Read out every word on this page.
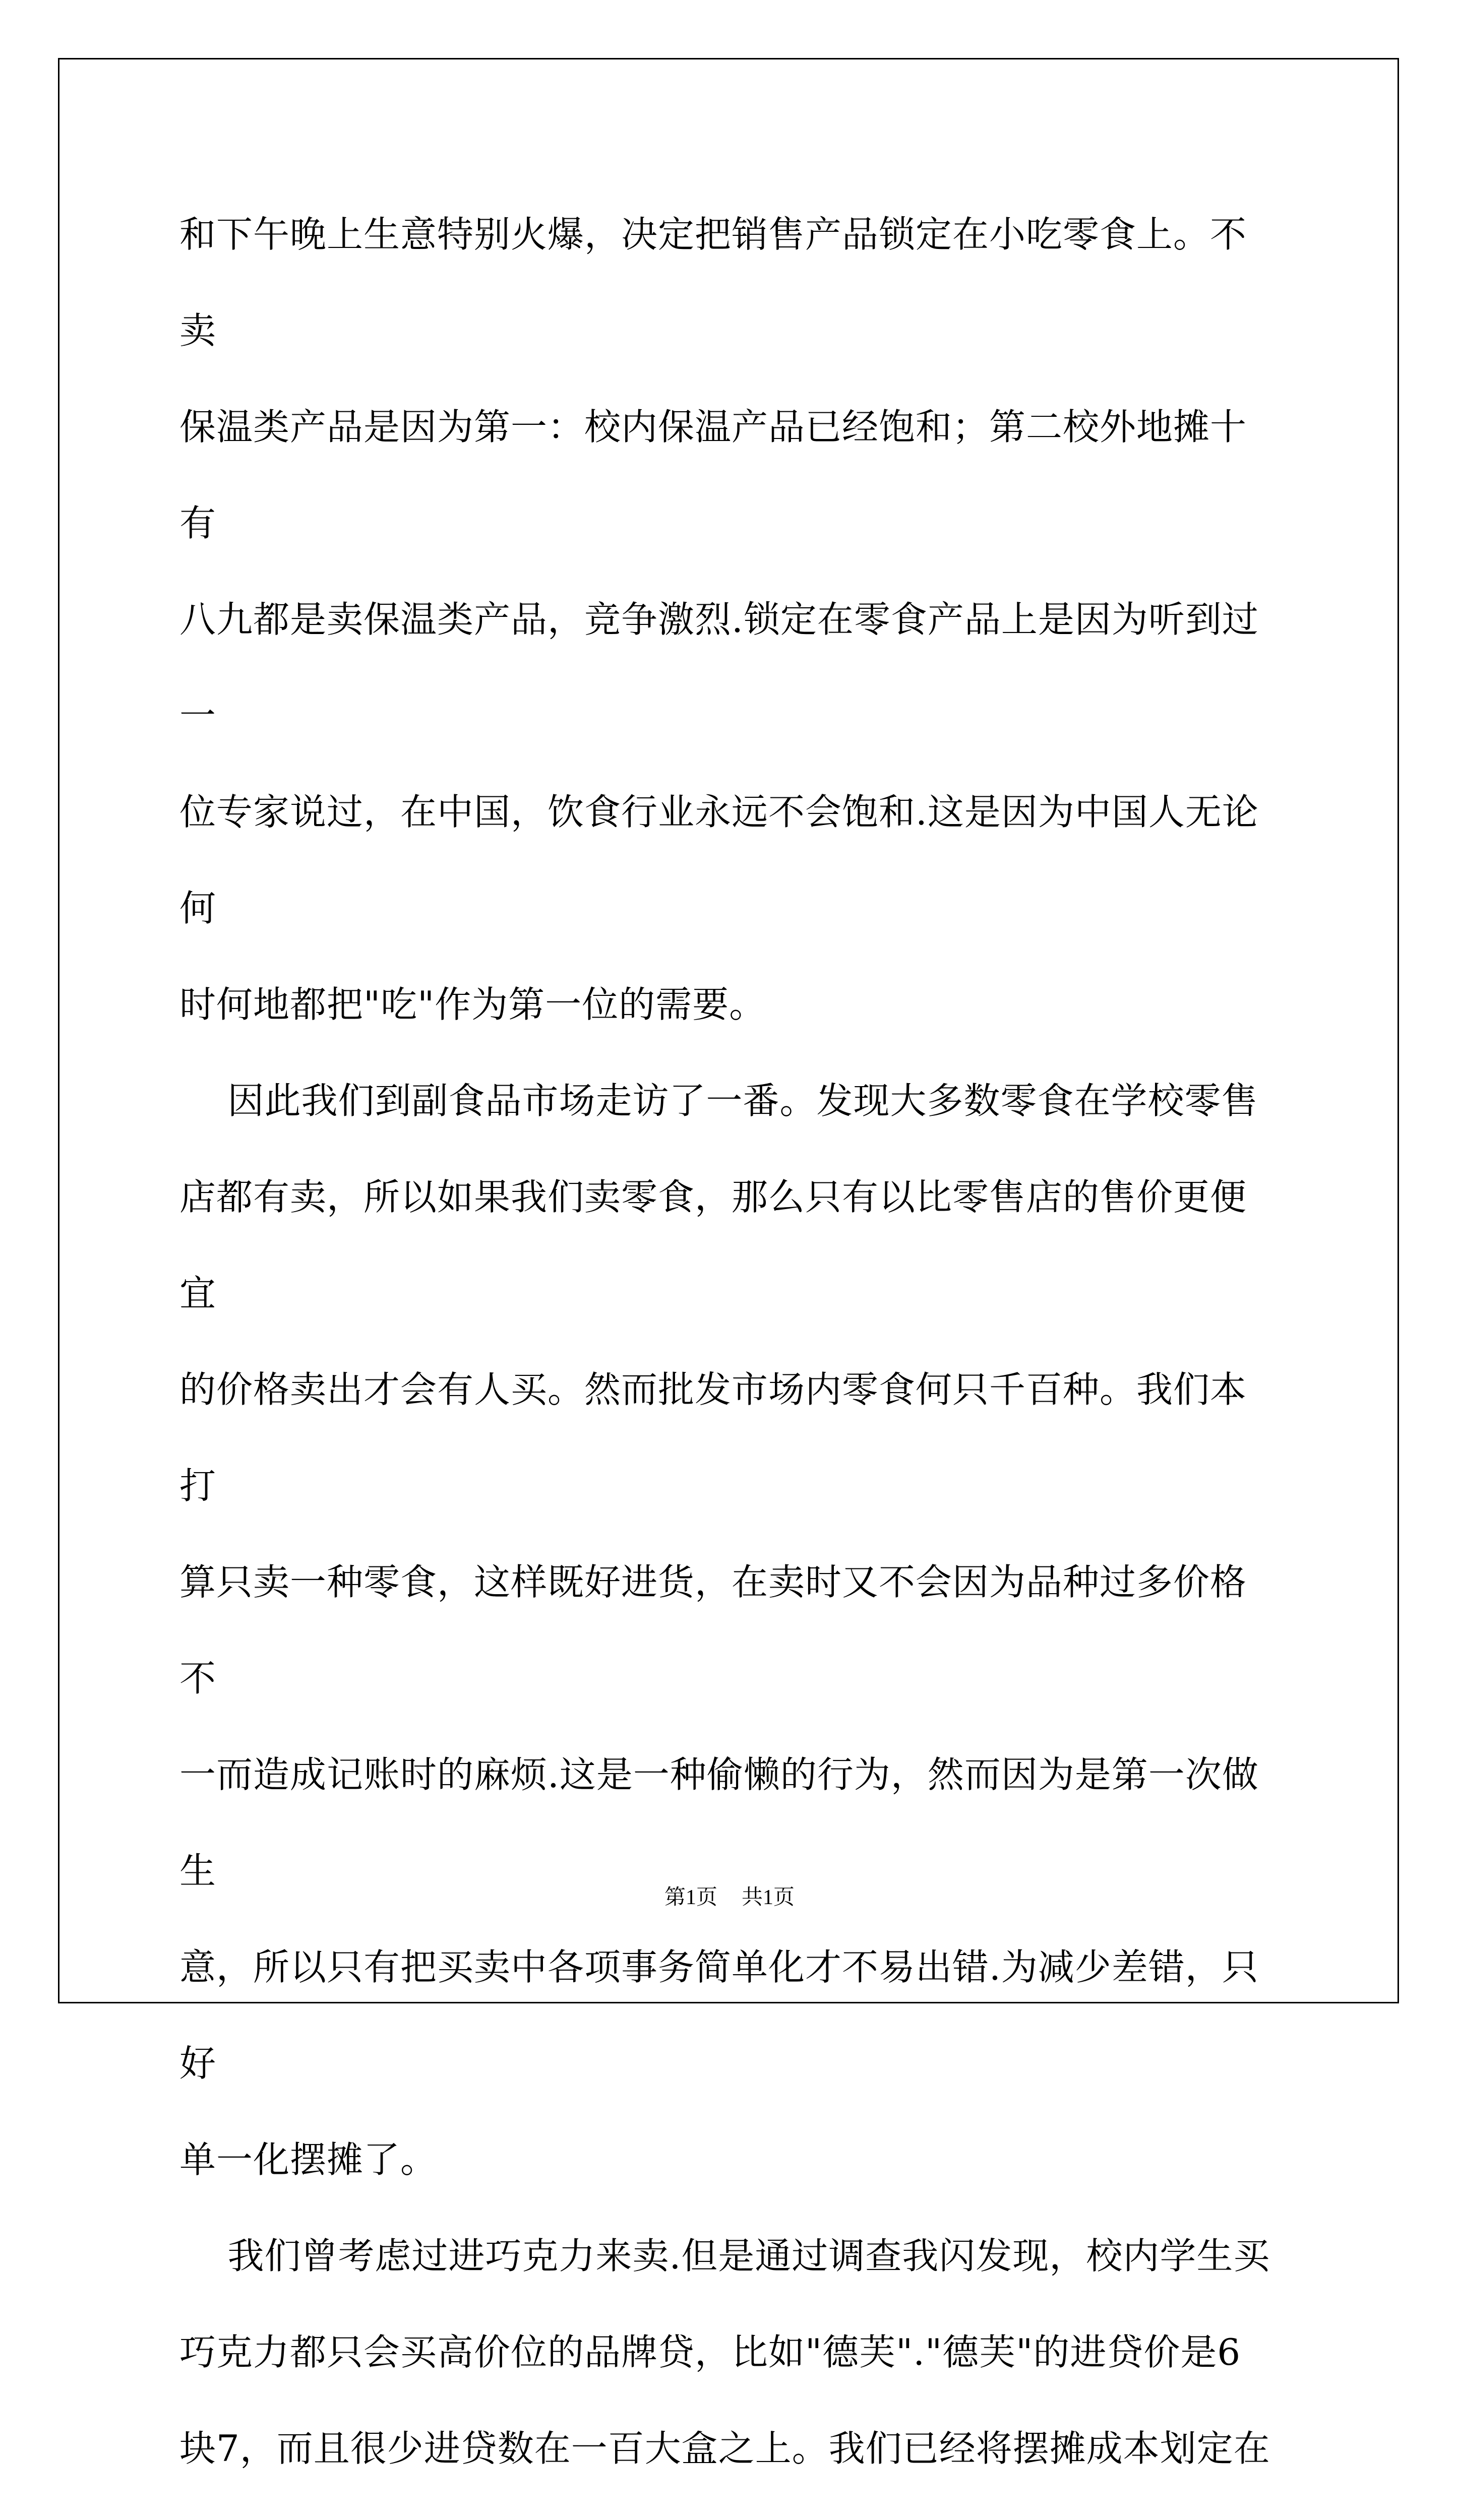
和下午晚上生意特别火爆，决定把销售产品锁定在小吃零食上。不卖
保温类产品是因为第一：校内保温产品已经饱和；第二校外地摊十有
八九都是卖保温类产品，竞争激烈.锁定在零食产品上是因为听到过一
位专家说过，在中国，饮食行业永远不会饱和.这是因为中国人无论何
时何地都把"吃"作为第一位的需要。

因此我们到副食品市场走访了一番。发现大多数零食在学校零售
店都有卖，所以如果我们卖零食，那么只有以比零售店的售价更便宜
的价格卖出才会有人买。然而批发市场内零食何只千百种。我们本打
算只卖一种零食，这样既好进货，在卖时又不会因为品种过多价格不
一而造成记账时的麻烦.这是一种偷懒的行为，然而因为是第一次做生
意，所以只有把买卖中各项事务简单化才不易出错.为减少差错，只好
单一化摆摊了。

我们曾考虑过进巧克力来卖.但是通过调查我闪发现，校内学生买
巧克力都只会买高价位的品牌贷，比如"德芙"."德芙"的进贷价是6
块7，而且很少进贷数在一百大盒之上。我们已经将摆摊成本划定在

第1页 共1页
